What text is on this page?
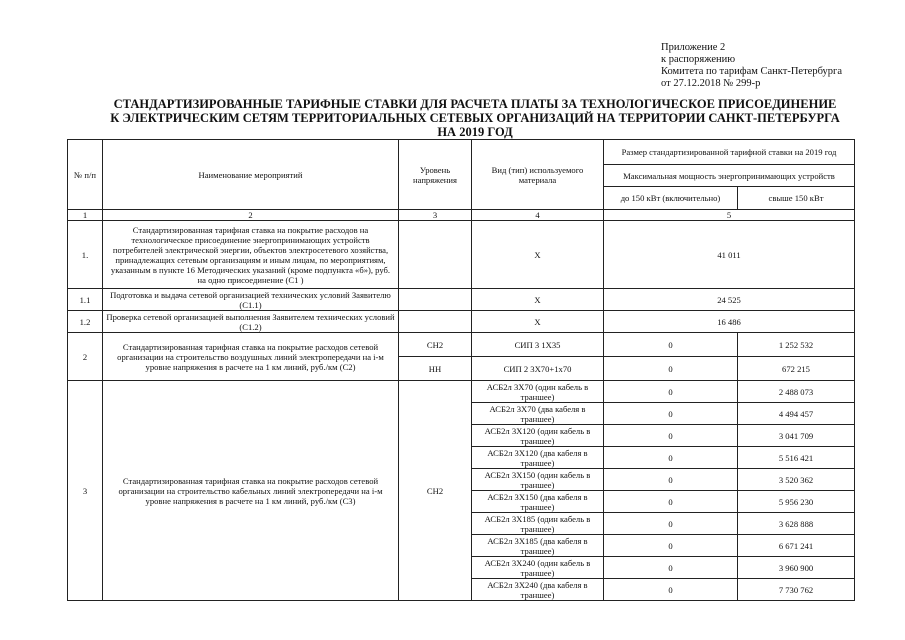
Приложение 2
к распоряжению
Комитета по тарифам Санкт-Петербурга
от 27.12.2018 № 299-р
СТАНДАРТИЗИРОВАННЫЕ ТАРИФНЫЕ СТАВКИ ДЛЯ РАСЧЕТА ПЛАТЫ ЗА ТЕХНОЛОГИЧЕСКОЕ ПРИСОЕДИНЕНИЕ
К ЭЛЕКТРИЧЕСКИМ СЕТЯМ ТЕРРИТОРИАЛЬНЫХ СЕТЕВЫХ ОРГАНИЗАЦИЙ НА ТЕРРИТОРИИ САНКТ-ПЕТЕРБУРГА
НА 2019 ГОД
№ п/п	Наименование мероприятий	Уровень напряжения	Вид (тип) используемого материала	Размер стандартизированной тарифной ставки на 2019 год	
				Максимальная мощность энергопринимающих устройств	
				до 150 кВт (включительно)	свыше 150 кВт
1	2	3	4	5	
1.	Стандартизированная тарифная ставка на покрытие расходов на технологическое присоединение энергопринимающих устройств потребителей электрической энергии, объектов электросетевого хозяйства, принадлежащих сетевым организациям и иным лицам, по мероприятиям, указанным в пункте 16 Методических указаний (кроме подпункта «б»), руб. на одно присоединение (C1 )		X	41 011	
1.1	Подготовка и выдача сетевой организацией технических условий Заявителю (C1.1)		X	24 525	
1.2	Проверка сетевой организацией выполнения Заявителем технических условий (C1.2)		X	16 486	
2	Стандартизированная тарифная ставка на покрытие расходов сетевой организации на строительство воздушных линий электропередачи на i-м уровне напряжения в расчете на 1 км линий, руб./км (C2)	СН2	СИП 3 1Х35	0	1 252 532
		НН	СИП 2 3Х70+1х70	0	672 215
3	Стандартизированная тарифная ставка на покрытие расходов сетевой организации на строительство кабельных линий электропередачи на i-м уровне напряжения в расчете на 1 км линий, руб./км (C3)	СН2	АСБ2л 3Х70 (один кабель в траншее)	0	2 488 073
			АСБ2л 3Х70 (два кабеля в траншее)	0	4 494 457
			АСБ2л 3Х120 (один кабель в траншее)	0	3 041 709
			АСБ2л 3Х120 (два кабеля в траншее)	0	5 516 421
			АСБ2л 3Х150 (один кабель в траншее)	0	3 520 362
			АСБ2л 3Х150 (два кабеля в траншее)	0	5 956 230
			АСБ2л 3Х185 (один кабель в траншее)	0	3 628 888
			АСБ2л 3Х185 (два кабеля в траншее)	0	6 671 241
			АСБ2л 3Х240 (один кабель в траншее)	0	3 960 900
			АСБ2л 3Х240 (два кабеля в траншее)	0	7 730 762
